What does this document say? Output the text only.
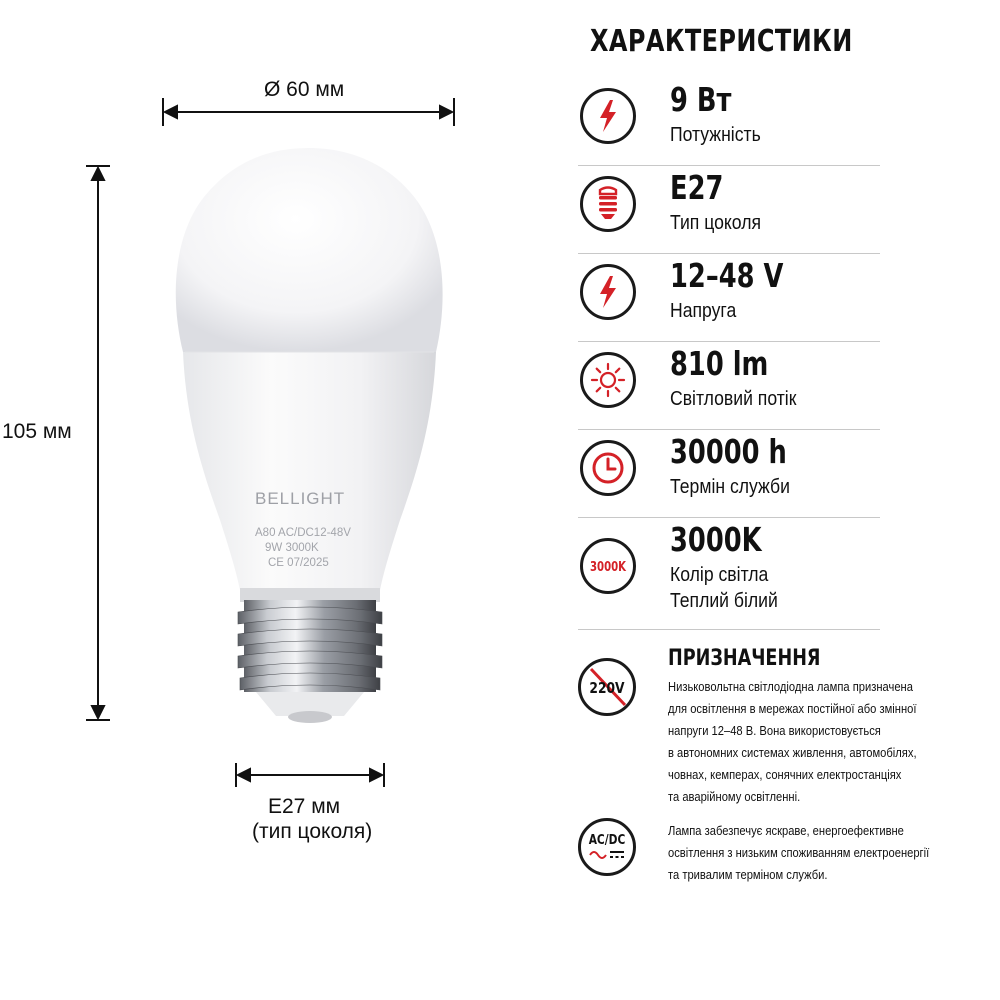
BELLIGHT
A80 AC/DC12-48V
9W 3000K
CE 07/2025
Ø 60 мм
105 мм
E27 мм
(тип цоколя)
ХАРАКТЕРИСТИКИ
9 Вт
Потужність
E27
Тип цоколя
12–48 V
Напруга
810 lm
Світловий потік
30000 h
Термін служби
3000K
3000K
Колір світла
Теплий білий
220V
ПРИЗНАЧЕННЯ
Низьковольтна світлодіодна лампа призначена
для освітлення в мережах постійної або змінної
напруги 12–48 В. Вона використовується
в автономних системах живлення, автомобілях,
човнах, кемперах, сонячних електростанціях
та аварійному освітленні.
AC/DC
Лампа забезпечує яскраве, енергоефективне
освітлення з низьким споживанням електроенергії
та тривалим терміном служби.
